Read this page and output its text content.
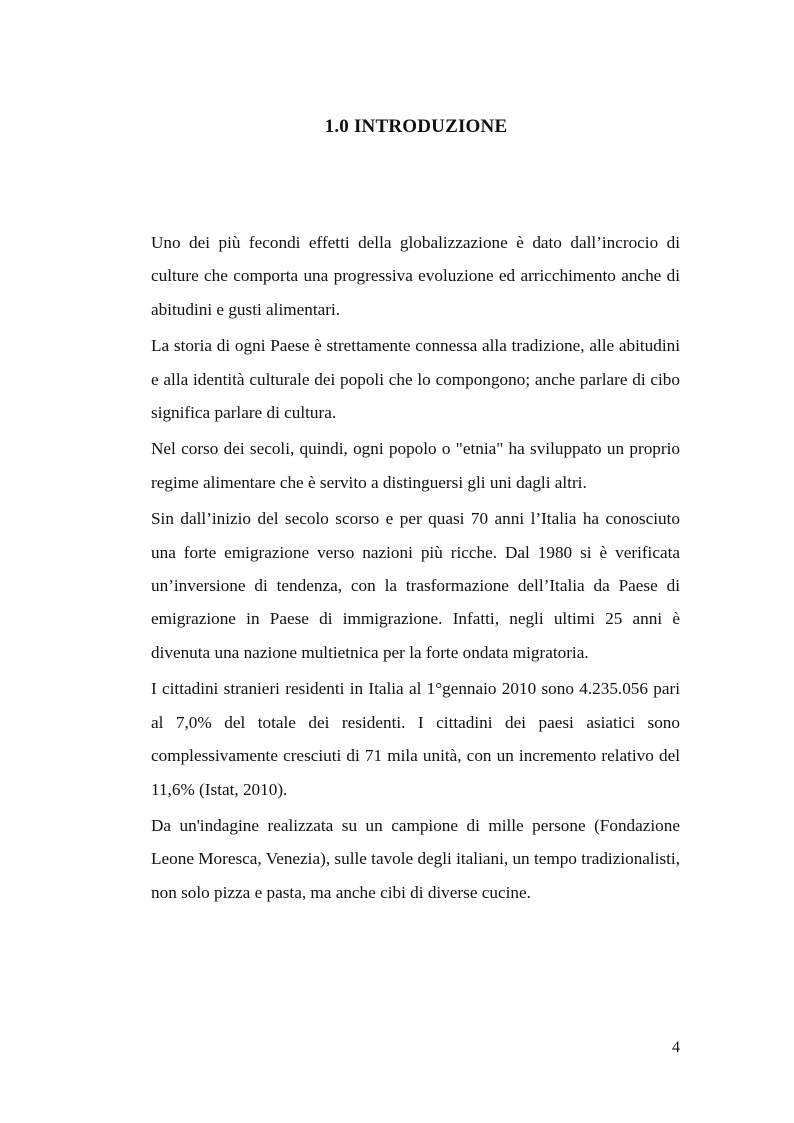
1.0 INTRODUZIONE

Uno dei più fecondi effetti della globalizzazione è dato dall’incrocio di culture che comporta una progressiva evoluzione ed arricchimento anche di abitudini e gusti alimentari.

La storia di ogni Paese è strettamente connessa alla tradizione, alle abitudini e alla identità culturale dei popoli che lo compongono; anche parlare di cibo significa parlare di cultura.

Nel corso dei secoli, quindi, ogni popolo o "etnia" ha sviluppato un proprio regime alimentare che è servito a distinguersi gli uni dagli altri.

Sin dall’inizio del secolo scorso e per quasi 70 anni l’Italia ha conosciuto una forte emigrazione verso nazioni più ricche. Dal 1980 si è verificata un’inversione di tendenza, con la trasformazione dell’Italia da Paese di emigrazione in Paese di immigrazione. Infatti, negli ultimi 25 anni è divenuta una nazione multietnica per la forte ondata migratoria.

I cittadini stranieri residenti in Italia al 1°gennaio 2010 sono 4.235.056 pari al 7,0% del totale dei residenti. I cittadini dei paesi asiatici sono complessivamente cresciuti di 71 mila unità, con un incremento relativo del 11,6% (Istat, 2010).

Da un'indagine realizzata su un campione di mille persone (Fondazione Leone Moresca, Venezia), sulle tavole degli italiani, un tempo tradizionalisti, non solo pizza e pasta, ma anche cibi di diverse cucine.

4
